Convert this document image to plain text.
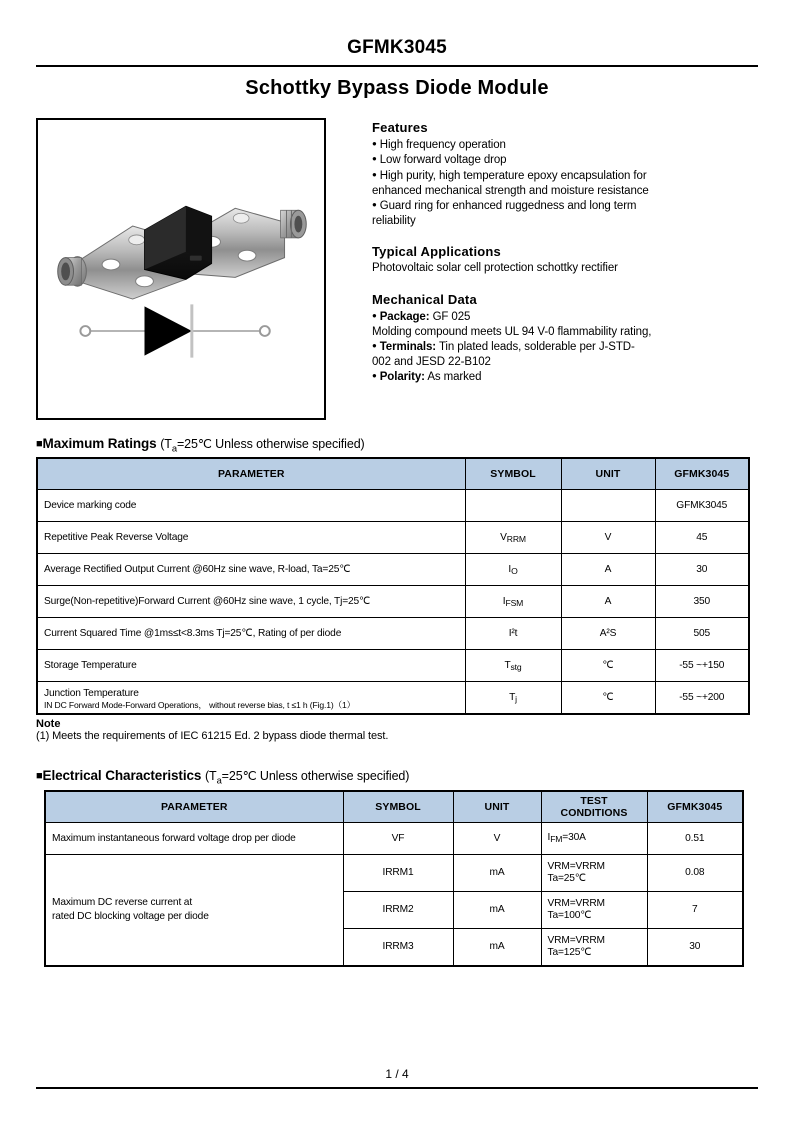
GFMK3045
Schottky Bypass Diode Module
Features

● High frequency operation

● Low forward voltage drop

● High purity, high temperature epoxy encapsulation for

enhanced mechanical strength and moisture resistance

● Guard ring for enhanced ruggedness and long term

reliability

Typical Applications

Photovoltaic solar cell protection schottky rectifier

Mechanical Data

● Package: GF 025

Molding compound meets UL 94 V-0 flammability rating,

● Terminals: Tin plated leads, solderable per J-STD-

002 and JESD 22-B102

● Polarity: As marked

■Maximum Ratings ($T_a=25℃$ Unless otherwise specified)
PARAMETER	SYMBOL	UNIT	GFMK3045
Device marking code			GFMK3045
Repetitive Peak Reverse Voltage	VRRM	V	45
Average Rectified Output Current @60Hz sine wave, R-load, Ta=25℃	IO	A	30
Surge(Non-repetitive)Forward Current @60Hz sine wave, 1 cycle, Tj=25℃	IFSM	A	350
Current Squared Time @1ms≤t<8.3ms Tj=25℃, Rating of per diode	I²t	A²S	505
Storage Temperature	Tstg	℃	-55 ~+150

Junction Temperature
IN DC Forward Mode-Forward Operations， without reverse bias, t ≤1 h (Fig.1)（1）	Tj	℃	-55 ~+200
Note
(1) Meets the requirements of IEC 61215 Ed. 2 bypass diode thermal test.
■Electrical Characteristics ($T_a=25℃$ Unless otherwise specified)
PARAMETER	SYMBOL	UNIT	TEST CONDITIONS	GFMK3045
Maximum instantaneous forward voltage drop per diode	VF	V	IFM=30A	0.51

Maximum DC reverse current at
rated DC blocking voltage per diode
	IRRM1	mA	
VRM=VRRM
Ta=25℃	0.08
	IRRM2	mA	VRM=VRRM
Ta=100℃	7
	IRRM3	mA	VRM=VRRM
Ta=125℃	30
1 / 4
